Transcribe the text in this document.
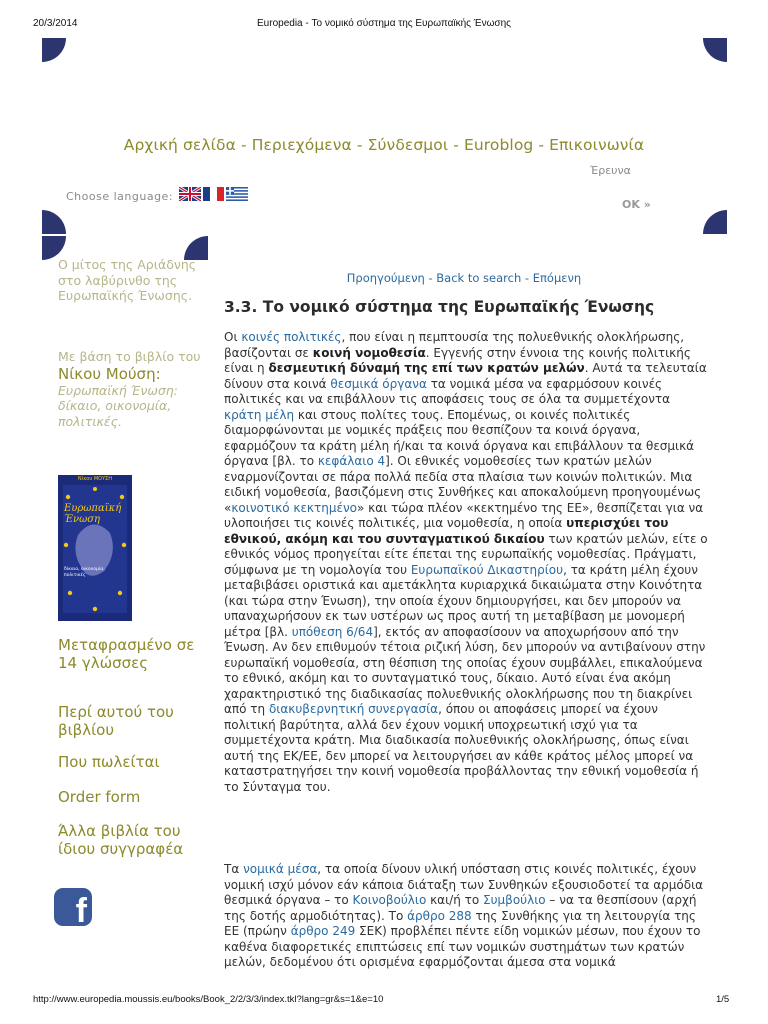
20/3/2014	Europedia - Το νομικό σύστημα της Ευρωπαϊκής Ένωσης
Αρχική σελίδα - Περιεχόμενα - Σύνδεσμοι - Euroblog - Επικοινωνία
Έρευνα
OK »
Choose language:
Ο μίτος της Αριάδνης στο λαβύρινθο της Ευρωπαϊκής Ένωσης.
Με βάση το βιβλίο του Νίκου Μούση:
Ευρωπαϊκή Ένωση: δίκαιο, οικονομία, πολιτικές.
Νίκου ΜΟΥΣΗ
Ευρωπαϊκή
Ένωση
δίκαιο, οικονομία, πολιτικές
Μεταφρασμένο σε 14 γλώσσες
Περί αυτού του βιβλίου
Που πωλείται
Order form
Άλλα βιβλία του ίδιου συγγραφέα
f
Προηγούμενη - Back to search - Επόμενη
3.3. Το νομικό σύστημα της Ευρωπαϊκής Ένωσης

Οι κοινές πολιτικές, που είναι η πεμπτουσία της πολυεθνικής ολοκλήρωσης, βασίζονται σε κοινή νομοθεσία. Εγγενής στην έννοια της κοινής πολιτικής είναι η δεσμευτική δύναμή της επί των κρατών μελών. Αυτά τα τελευταία δίνουν στα κοινά θεσμικά όργανα τα νομικά μέσα να εφαρμόσουν κοινές πολιτικές και να επιβάλλουν τις αποφάσεις τους σε όλα τα συμμετέχοντα κράτη μέλη και στους πολίτες τους. Επομένως, οι κοινές πολιτικές διαμορφώνονται με νομικές πράξεις που θεσπίζουν τα κοινά όργανα, εφαρμόζουν τα κράτη μέλη ή/και τα κοινά όργανα και επιβάλλουν τα θεσμικά όργανα [βλ. το κεφάλαιο 4]. Οι εθνικές νομοθεσίες των κρατών μελών εναρμονίζονται σε πάρα πολλά πεδία στα πλαίσια των κοινών πολιτικών. Μια ειδική νομοθεσία, βασιζόμενη στις Συνθήκες και αποκαλούμενη προηγουμένως «κοινοτικό κεκτημένο» και τώρα πλέον «κεκτημένο της ΕΕ», θεσπίζεται για να υλοποιήσει τις κοινές πολιτικές, μια νομοθεσία, η οποία υπερισχύει του εθνικού, ακόμη και του συνταγματικού δικαίου των κρατών μελών, είτε ο εθνικός νόμος προηγείται είτε έπεται της ευρωπαϊκής νομοθεσίας. Πράγματι, σύμφωνα με τη νομολογία του Ευρωπαϊκού Δικαστηρίου, τα κράτη μέλη έχουν μεταβιβάσει οριστικά και αμετάκλητα κυριαρχικά δικαιώματα στην Κοινότητα (και τώρα στην Ένωση), την οποία έχουν δημιουργήσει, και δεν μπορούν να υπαναχωρήσουν εκ των υστέρων ως προς αυτή τη μεταβίβαση με μονομερή μέτρα [βλ. υπόθεση 6/64], εκτός αν αποφασίσουν να αποχωρήσουν από την Ένωση. Αν δεν επιθυμούν τέτοια ριζική λύση, δεν μπορούν να αντιβαίνουν στην ευρωπαϊκή νομοθεσία, στη θέσπιση της οποίας έχουν συμβάλλει, επικαλούμενα το εθνικό, ακόμη και το συνταγματικό τους, δίκαιο. Αυτό είναι ένα ακόμη χαρακτηριστικό της διαδικασίας πολυεθνικής ολοκλήρωσης που τη διακρίνει από τη διακυβερνητική συνεργασία, όπου οι αποφάσεις μπορεί να έχουν πολιτική βαρύτητα, αλλά δεν έχουν νομική υποχρεωτική ισχύ για τα συμμετέχοντα κράτη. Μια διαδικασία πολυεθνικής ολοκλήρωσης, όπως είναι αυτή της ΕΚ/ΕΕ, δεν μπορεί να λειτουργήσει αν κάθε κράτος μέλος μπορεί να καταστρατηγήσει την κοινή νομοθεσία προβάλλοντας την εθνική νομοθεσία ή το Σύνταγμα του.

Τα νομικά μέσα, τα οποία δίνουν υλική υπόσταση στις κοινές πολιτικές, έχουν νομική ισχύ μόνον εάν κάποια διάταξη των Συνθηκών εξουσιοδοτεί τα αρμόδια θεσμικά όργανα – το Κοινοβούλιο και/ή το Συμβούλιο – να τα θεσπίσουν (αρχή της δοτής αρμοδιότητας). Το άρθρο 288 της Συνθήκης για τη λειτουργία της ΕΕ (πρώην άρθρο 249 ΣΕΚ) προβλέπει πέντε είδη νομικών μέσων, που έχουν το καθένα διαφορετικές επιπτώσεις επί των νομικών συστημάτων των κρατών μελών, δεδομένου ότι ορισμένα εφαρμόζονται άμεσα στα νομικά

http://www.europedia.moussis.eu/books/Book_2/2/3/3/index.tkl?lang=gr&s=1&e=10	1/5
